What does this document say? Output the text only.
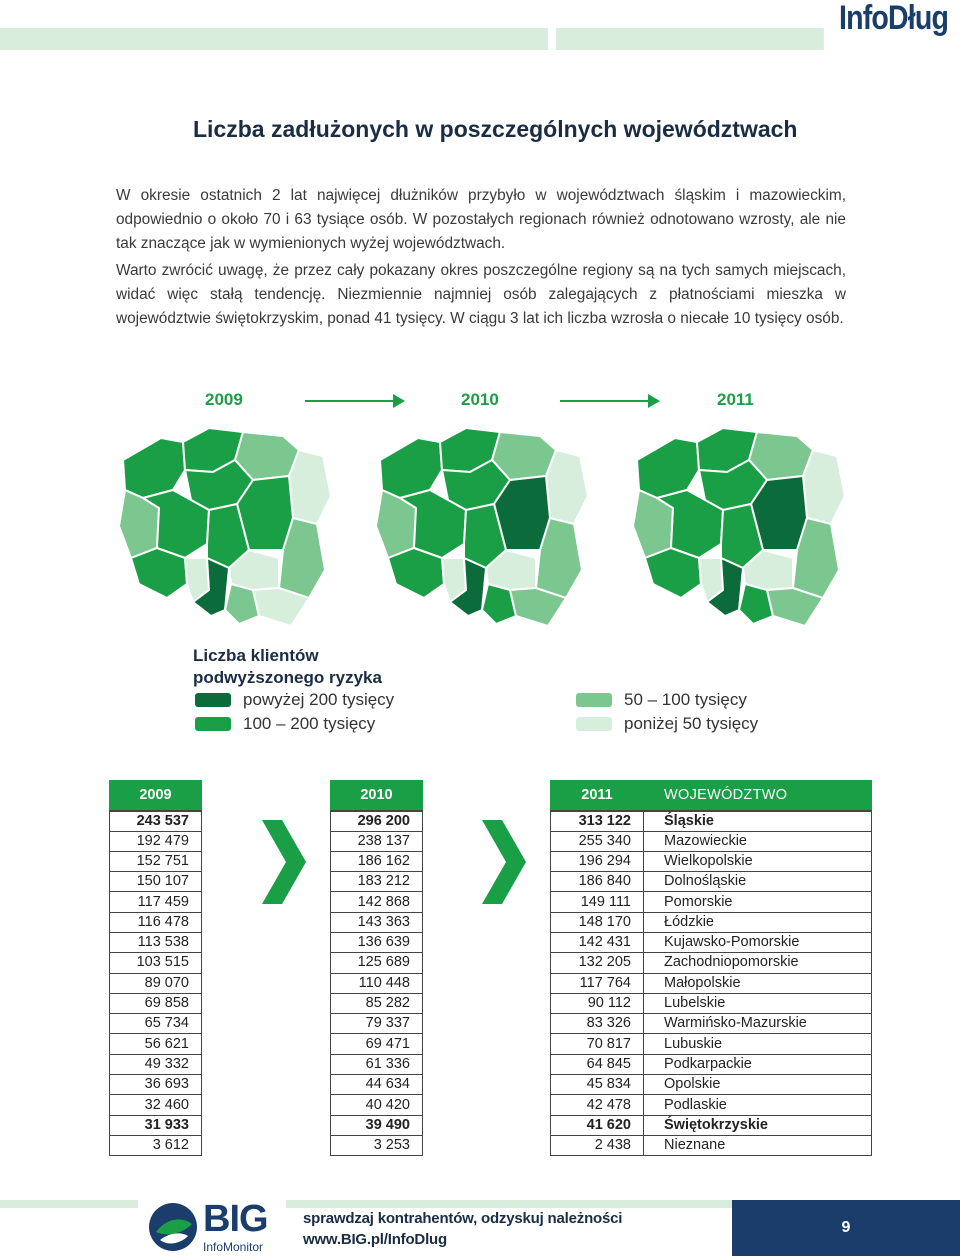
InfoDług
Liczba zadłużonych w poszczególnych województwach

W okresie ostatnich 2 lat najwięcej dłużników przybyło w województwach śląskim i mazowieckim, odpowiednio o około 70 i 63 tysiące osób. W pozostałych regionach również odnotowano wzrosty, ale nie tak znaczące jak w wymienionych wyżej województwach.

Warto zwrócić uwagę, że przez cały pokazany okres poszczególne regiony są na tych samych miejscach, widać więc stałą tendencję. Niezmiennie najmniej osób zalegających z płatnościami mieszka w województwie świętokrzyskim, ponad 41 tysięcy. W ciągu 3 lat ich liczba wzrosła o niecałe 10 tysięcy osób.

2009	2010	2011
Liczba klientów
podwyższonego ryzyka
powyżej 200 tysięcy
100 – 200 tysięcy
50 – 100 tysięcy
poniżej 50 tysięcy
2009
243 537
192 479
152 751
150 107
117 459
116 478
113 538
103 515
89 070
69 858
65 734
56 621
49 332
36 693
32 460
31 933
3 612
2010
296 200
238 137
186 162
183 212
142 868
143 363
136 639
125 689
110 448
85 282
79 337
69 471
61 336
44 634
40 420
39 490
3 253
2011	WOJEWÓDZTWO
313 122	Śląskie
255 340	Mazowieckie
196 294	Wielkopolskie
186 840	Dolnośląskie
149 111	Pomorskie
148 170	Łódzkie
142 431	Kujawsko-Pomorskie
132 205	Zachodniopomorskie
117 764	Małopolskie
90 112	Lubelskie
83 326	Warmińsko-Mazurskie
70 817	Lubuskie
64 845	Podkarpackie
45 834	Opolskie
42 478	Podlaskie
41 620	Świętokrzyskie
2 438	Nieznane
BIG
InfoMonitor
sprawdzaj kontrahentów, odzyskuj należności
www.BIG.pl/InfoDlug
9
